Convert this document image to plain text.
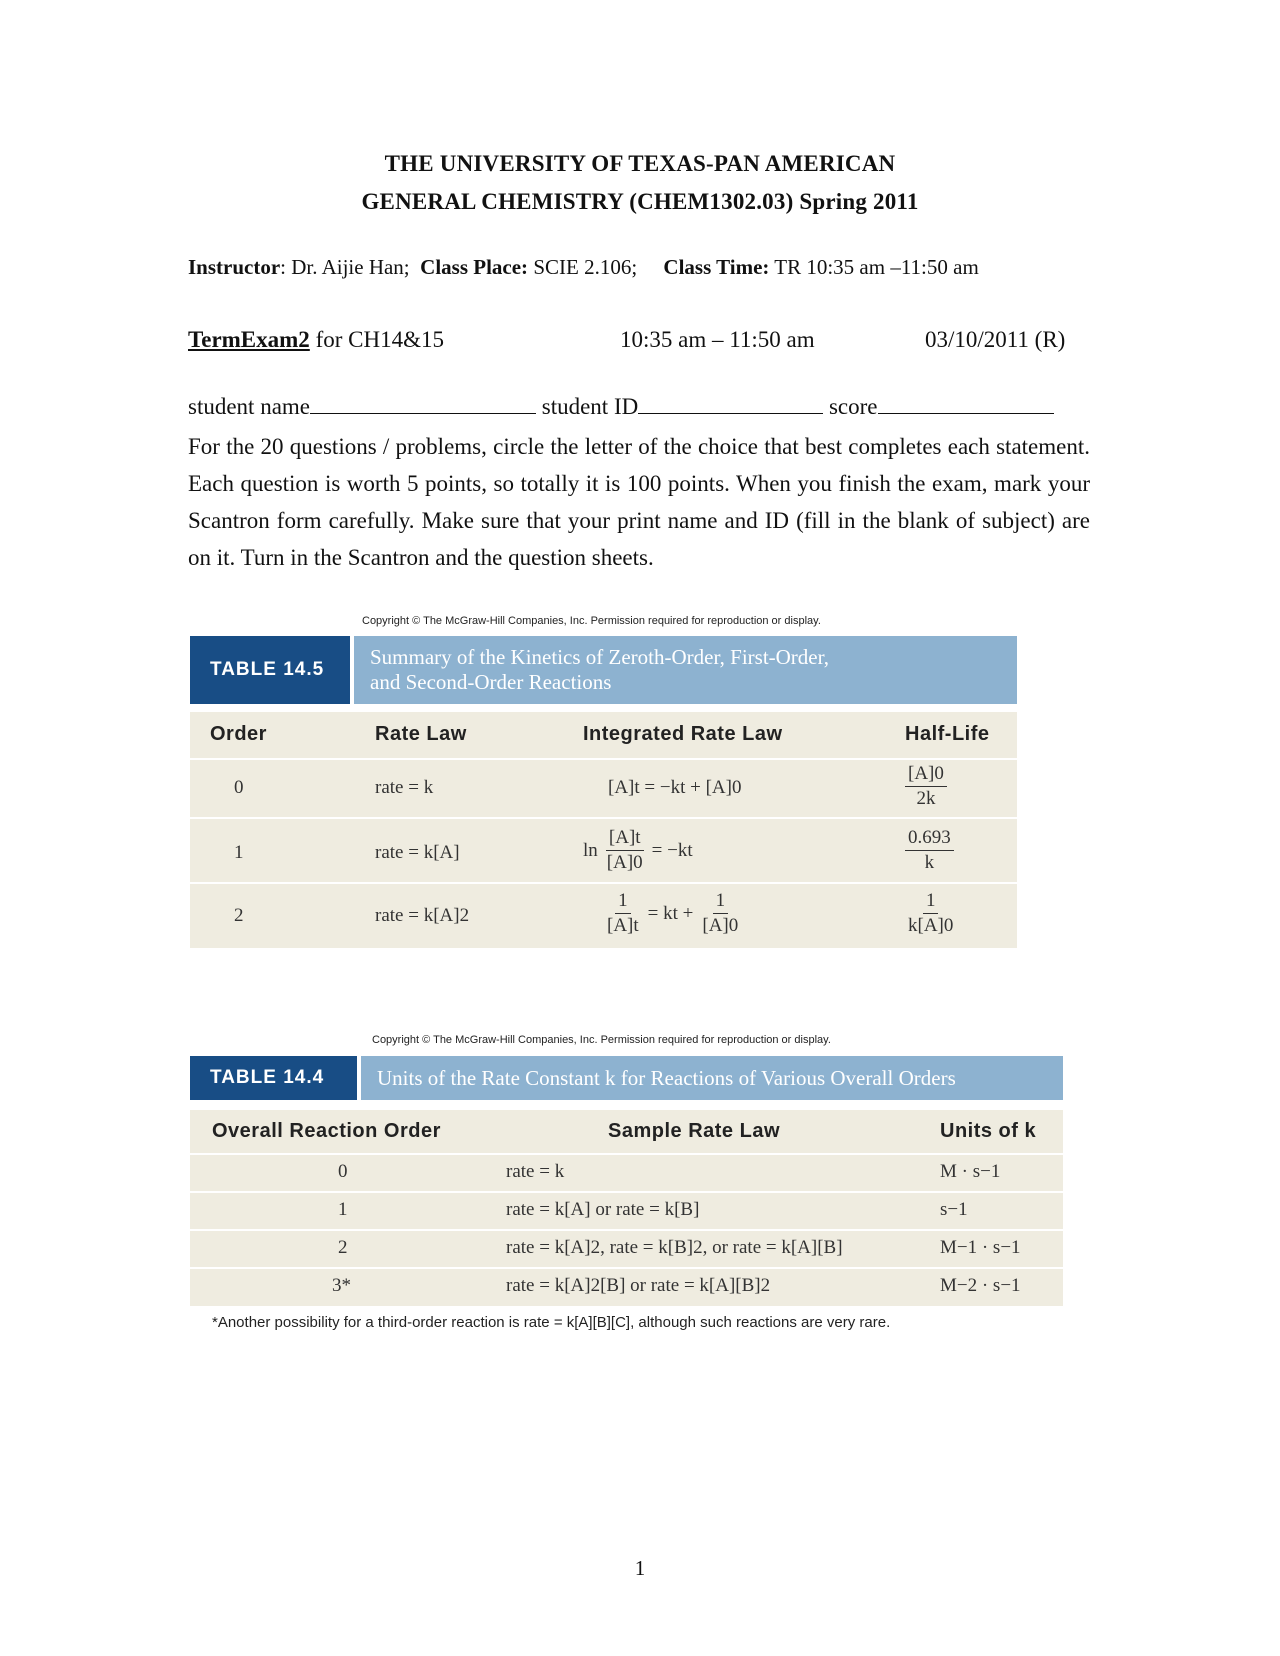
THE UNIVERSITY OF TEXAS-PAN AMERICAN
GENERAL CHEMISTRY (CHEM1302.03) Spring 2011
Instructor: Dr. Aijie Han; Class Place: SCIE 2.106; Class Time: TR 10:35 am –11:50 am
TermExam2 for CH14&15	10:35 am – 11:50 am	03/10/2011 (R)
student name	student ID	score
For the 20 questions / problems, circle the letter of the choice that best completes each statement. Each question is worth 5 points, so totally it is 100 points. When you finish the exam, mark your Scantron form carefully. Make sure that your print name and ID (fill in the blank of subject) are on it. Turn in the Scantron and the question sheets.
Copyright © The McGraw-Hill Companies, Inc. Permission required for reproduction or display.
TABLE 14.5
Summary of the Kinetics of Zeroth-Order, First-Order,
and Second-Order Reactions
Order	Rate Law	Integrated Rate Law	Half-Life
0	rate = k	[A]t = −kt + [A]0	$\frac{[A]0}{2k}$
1	rate = k[A]	$\ln \frac{[A]t}{[A]0} = -kt$	$\frac{0.693}{k}$
2	rate = k[A]2	$\frac{1}{[A]t}$ = kt + $\frac{1}{[A]0}$	$\frac{1}{k[A]0}$
Copyright © The McGraw-Hill Companies, Inc. Permission required for reproduction or display.
TABLE 14.4	Units of the Rate Constant k for Reactions of Various Overall Orders
Overall Reaction Order	Sample Rate Law	Units of k
0	rate = k	M · s−1
1	rate = k[A] or rate = k[B]	s−1
2	rate = k[A]2, rate = k[B]2, or rate = k[A][B]	M−1 · s−1
3*	rate = k[A]2[B] or rate = k[A][B]2	M−2 · s−1
*Another possibility for a third-order reaction is rate = k[A][B][C], although such reactions are very rare.
1
